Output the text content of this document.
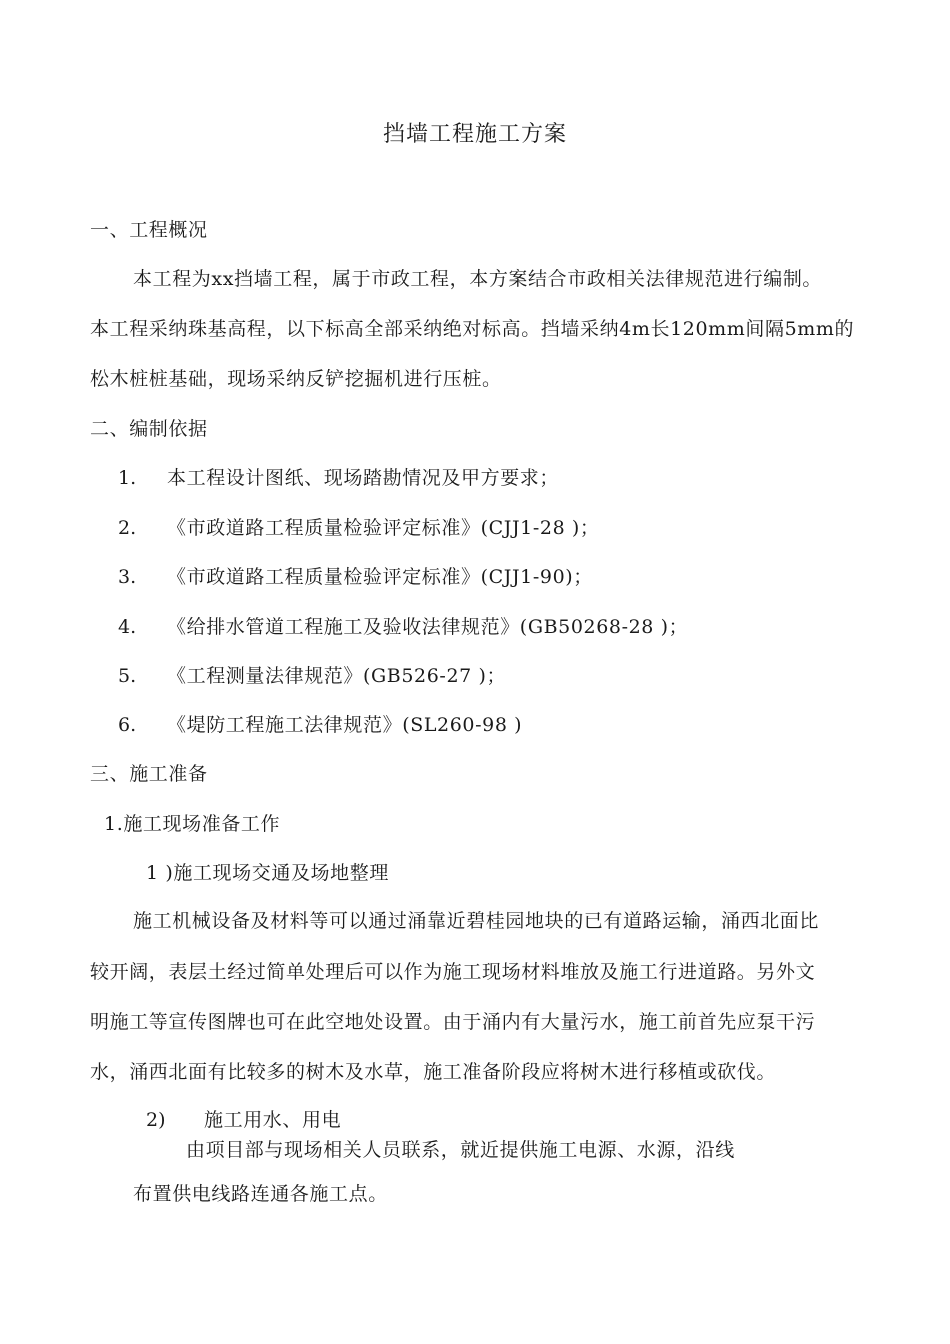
挡墙工程施工方案
一、工程概况
本工程为xx挡墙工程，属于市政工程，本方案结合市政相关法律规范进行编制。
本工程采纳珠基高程，以下标高全部采纳绝对标高。挡墙采纳4m长120mm间隔5mm的
松木桩桩基础，现场采纳反铲挖掘机进行压桩。
二、编制依据
1. 本工程设计图纸、现场踏勘情况及甲方要求；
2. 《市政道路工程质量检验评定标准》(CJJ1-28 )；
3. 《市政道路工程质量检验评定标准》(CJJ1-90)；
4. 《给排水管道工程施工及验收法律规范》(GB50268-28 )；
5. 《工程测量法律规范》(GB526-27 )；
6. 《堤防工程施工法律规范》(SL260-98 )
三、施工准备
1.施工现场准备工作
1 )施工现场交通及场地整理
施工机械设备及材料等可以通过涌靠近碧桂园地块的已有道路运输，涌西北面比
较开阔，表层土经过简单处理后可以作为施工现场材料堆放及施工行进道路。另外文
明施工等宣传图牌也可在此空地处设置。由于涌内有大量污水，施工前首先应泵干污
水，涌西北面有比较多的树木及水草，施工准备阶段应将树木进行移植或砍伐。
2) 施工用水、用电
由项目部与现场相关人员联系，就近提供施工电源、水源，沿线
布置供电线路连通各施工点。
